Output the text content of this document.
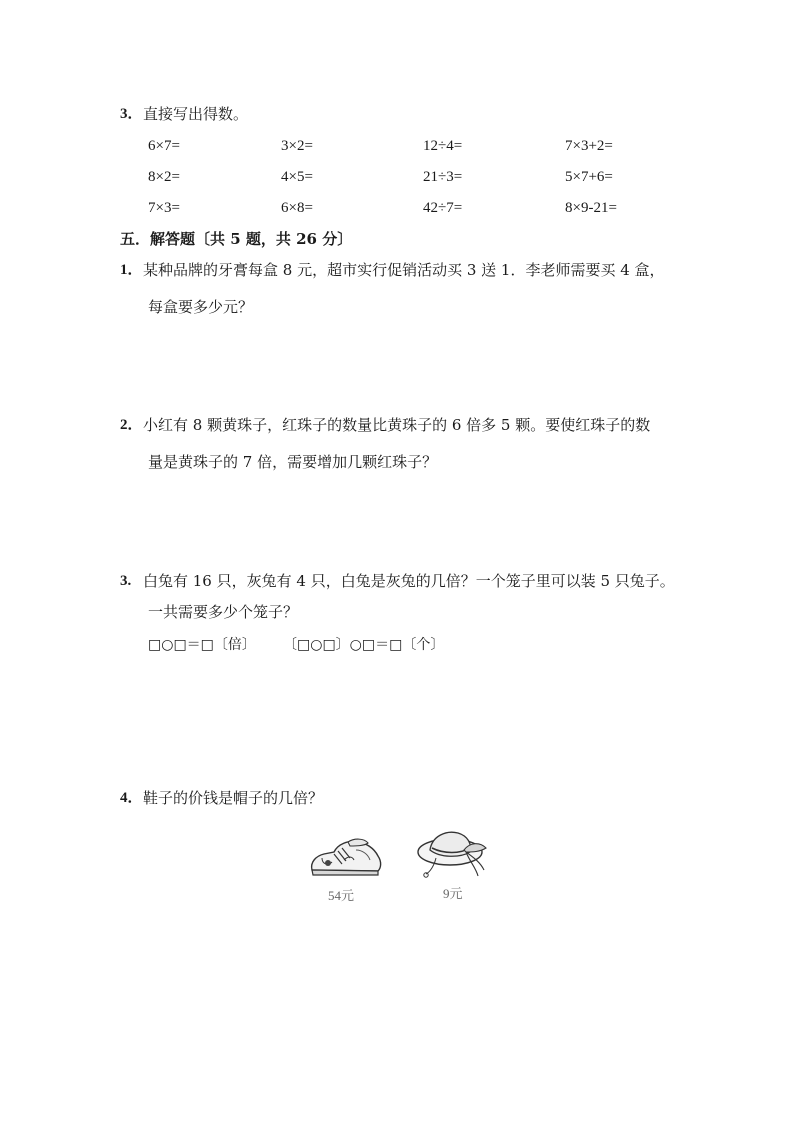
3． 直接写出得数。
6×7=	3×2=	12÷4=	7×3+2=
8×2=	4×5=	21÷3=	5×7+6=
7×3=	6×8=	42÷7=	8×9-21=
五．解答题〔共 5 题，共 26 分〕
1． 某种品牌的牙膏每盒 8 元，超市实行促销活动买 3 送 1．李老师需要买 4 盒，
每盒要多少元？
2． 小红有 8 颗黄珠子，红珠子的数量比黄珠子的 6 倍多 5 颗。要使红珠子的数
量是黄珠子的 7 倍，需要增加几颗红珠子？
3. 白兔有 16 只，灰兔有 4 只，白兔是灰兔的几倍？一个笼子里可以装 5 只兔子。
一共需要多少个笼子？
□○□＝□〔倍〕 〔□○□〕○□＝□〔个〕
4． 鞋子的价钱是帽子的几倍？
54元	9元
